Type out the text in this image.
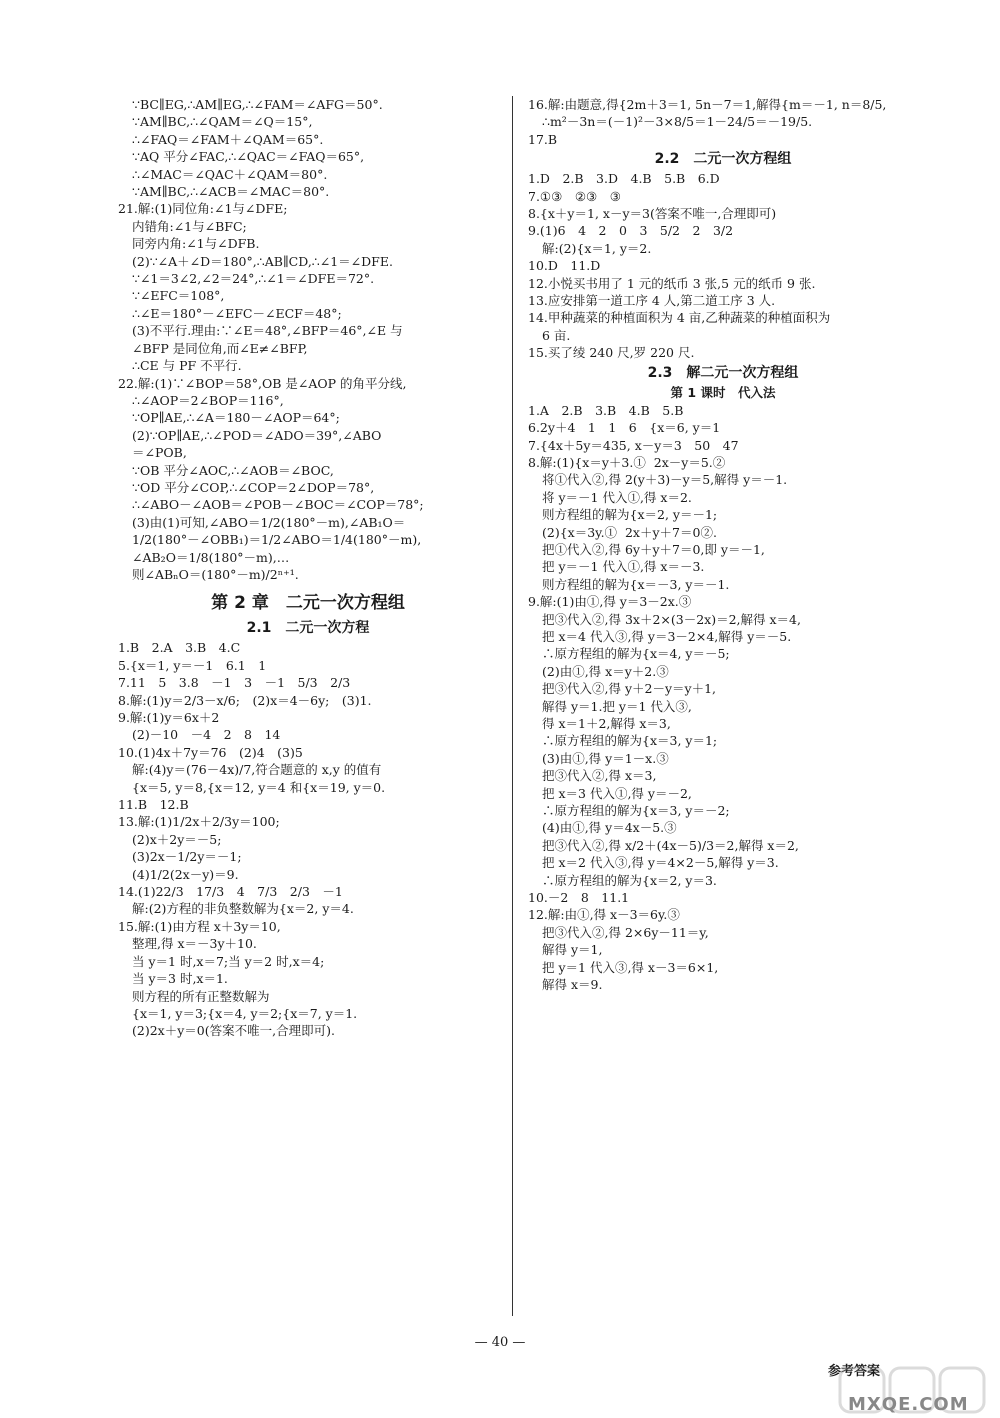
∵BC∥EG,∴AM∥EG,∴∠FAM＝∠AFG＝50°.
∵AM∥BC,∴∠QAM＝∠Q＝15°,
∴∠FAQ＝∠FAM＋∠QAM＝65°.
∵AQ 平分∠FAC,∴∠QAC＝∠FAQ＝65°,
∴∠MAC＝∠QAC＋∠QAM＝80°.
∵AM∥BC,∴∠ACB＝∠MAC＝80°.
21.解:(1)同位角:∠1与∠DFE;
内错角:∠1与∠BFC;
同旁内角:∠1与∠DFB.
(2)∵∠A＋∠D＝180°,∴AB∥CD,∴∠1＝∠DFE.
∵∠1＝3∠2,∠2＝24°,∴∠1＝∠DFE＝72°.
∵∠EFC＝108°,
∴∠E＝180°－∠EFC－∠ECF＝48°;
(3)不平行.理由:∵∠E＝48°,∠BFP＝46°,∠E 与
∠BFP 是同位角,而∠E≠∠BFP,
∴CE 与 PF 不平行.
22.解:(1)∵∠BOP＝58°,OB 是∠AOP 的角平分线,
∴∠AOP＝2∠BOP＝116°,
∵OP∥AE,∴∠A＝180－∠AOP＝64°;
(2)∵OP∥AE,∴∠POD＝∠ADO＝39°,∠ABO
＝∠POB,
∵OB 平分∠AOC,∴∠AOB＝∠BOC,
∵OD 平分∠COP,∴∠COP＝2∠DOP＝78°,
∴∠ABO－∠AOB＝∠POB－∠BOC＝∠COP＝78°;
(3)由(1)可知,∠ABO＝1/2(180°－m),∠AB₁O＝
1/2(180°－∠OBB₁)＝1/2∠ABO＝1/4(180°－m),
∠AB₂O＝1/8(180°－m),…
则∠ABₙO＝(180°－m)/2ⁿ⁺¹.
第 2 章　二元一次方程组
2.1　二元一次方程
1.B　2.A　3.B　4.C
5.{x＝1, y＝－1　6.1　1
7.11　5　3.8　－1　3　－1　5/3　2/3
8.解:(1)y＝2/3－x/6;　(2)x＝4－6y;　(3)1.
9.解:(1)y＝6x＋2
(2)－10　－4　2　8　14
10.(1)4x＋7y＝76　(2)4　(3)5
解:(4)y＝(76－4x)/7,符合题意的 x,y 的值有
{x＝5, y＝8,{x＝12, y＝4 和{x＝19, y＝0.
11.B　12.B
13.解:(1)1/2x＋2/3y＝100;
(2)x＋2y＝－5;
(3)2x－1/2y＝－1;
(4)1/2(2x－y)＝9.
14.(1)22/3　17/3　4　7/3　2/3　－1
解:(2)方程的非负整数解为{x＝2, y＝4.
15.解:(1)由方程 x＋3y＝10,
整理,得 x＝－3y＋10.
当 y＝1 时,x＝7;当 y＝2 时,x＝4;
当 y＝3 时,x＝1.
则方程的所有正整数解为
{x＝1, y＝3;{x＝4, y＝2;{x＝7, y＝1.
(2)2x＋y＝0(答案不唯一,合理即可).
16.解:由题意,得{2m＋3＝1, 5n－7＝1,解得{m＝－1, n＝8/5,
∴m²－3n＝(－1)²－3×8/5＝1－24/5＝－19/5.
17.B
2.2　二元一次方程组
1.D　2.B　3.D　4.B　5.B　6.D
7.①③　②③　③
8.{x＋y＝1, x－y＝3(答案不唯一,合理即可)
9.(1)6　4　2　0　3　5/2　2　3/2
解:(2){x＝1, y＝2.
10.D　11.D
12.小悦买书用了 1 元的纸币 3 张,5 元的纸币 9 张.
13.应安排第一道工序 4 人,第二道工序 3 人.
14.甲种蔬菜的种植面积为 4 亩,乙种蔬菜的种植面积为
6 亩.
15.买了绫 240 尺,罗 220 尺.
2.3　解二元一次方程组
第 1 课时　代入法
1.A　2.B　3.B　4.B　5.B
6.2y＋4　1　1　6　{x＝6, y＝1
7.{4x＋5y＝435, x－y＝3　50　47
8.解:(1){x＝y＋3.①  2x－y＝5.②
将①代入②,得 2(y＋3)－y＝5,解得 y＝－1.
将 y＝－1 代入①,得 x＝2.
则方程组的解为{x＝2, y＝－1;
(2){x＝3y.①  2x＋y＋7＝0②.
把①代入②,得 6y＋y＋7＝0,即 y＝－1,
把 y＝－1 代入①,得 x＝－3.
则方程组的解为{x＝－3, y＝－1.
9.解:(1)由①,得 y＝3－2x.③
把③代入②,得 3x＋2×(3－2x)＝2,解得 x＝4,
把 x＝4 代入③,得 y＝3－2×4,解得 y＝－5.
∴原方程组的解为{x＝4, y＝－5;
(2)由①,得 x＝y＋2.③
把③代入②,得 y＋2－y＝y＋1,
解得 y＝1.把 y＝1 代入③,
得 x＝1＋2,解得 x＝3,
∴原方程组的解为{x＝3, y＝1;
(3)由①,得 y＝1－x.③
把③代入②,得 x＝3,
把 x＝3 代入①,得 y＝－2,
∴原方程组的解为{x＝3, y＝－2;
(4)由①,得 y＝4x－5.③
把③代入②,得 x/2＋(4x－5)/3＝2,解得 x＝2,
把 x＝2 代入③,得 y＝4×2－5,解得 y＝3.
∴原方程组的解为{x＝2, y＝3.
10.－2　8　11.1
12.解:由①,得 x－3＝6y.③
把③代入②,得 2×6y－11＝y,
解得 y＝1,
把 y＝1 代入③,得 x－3＝6×1,
解得 x＝9.
— 40 —
参考答案
MXQE.COM
